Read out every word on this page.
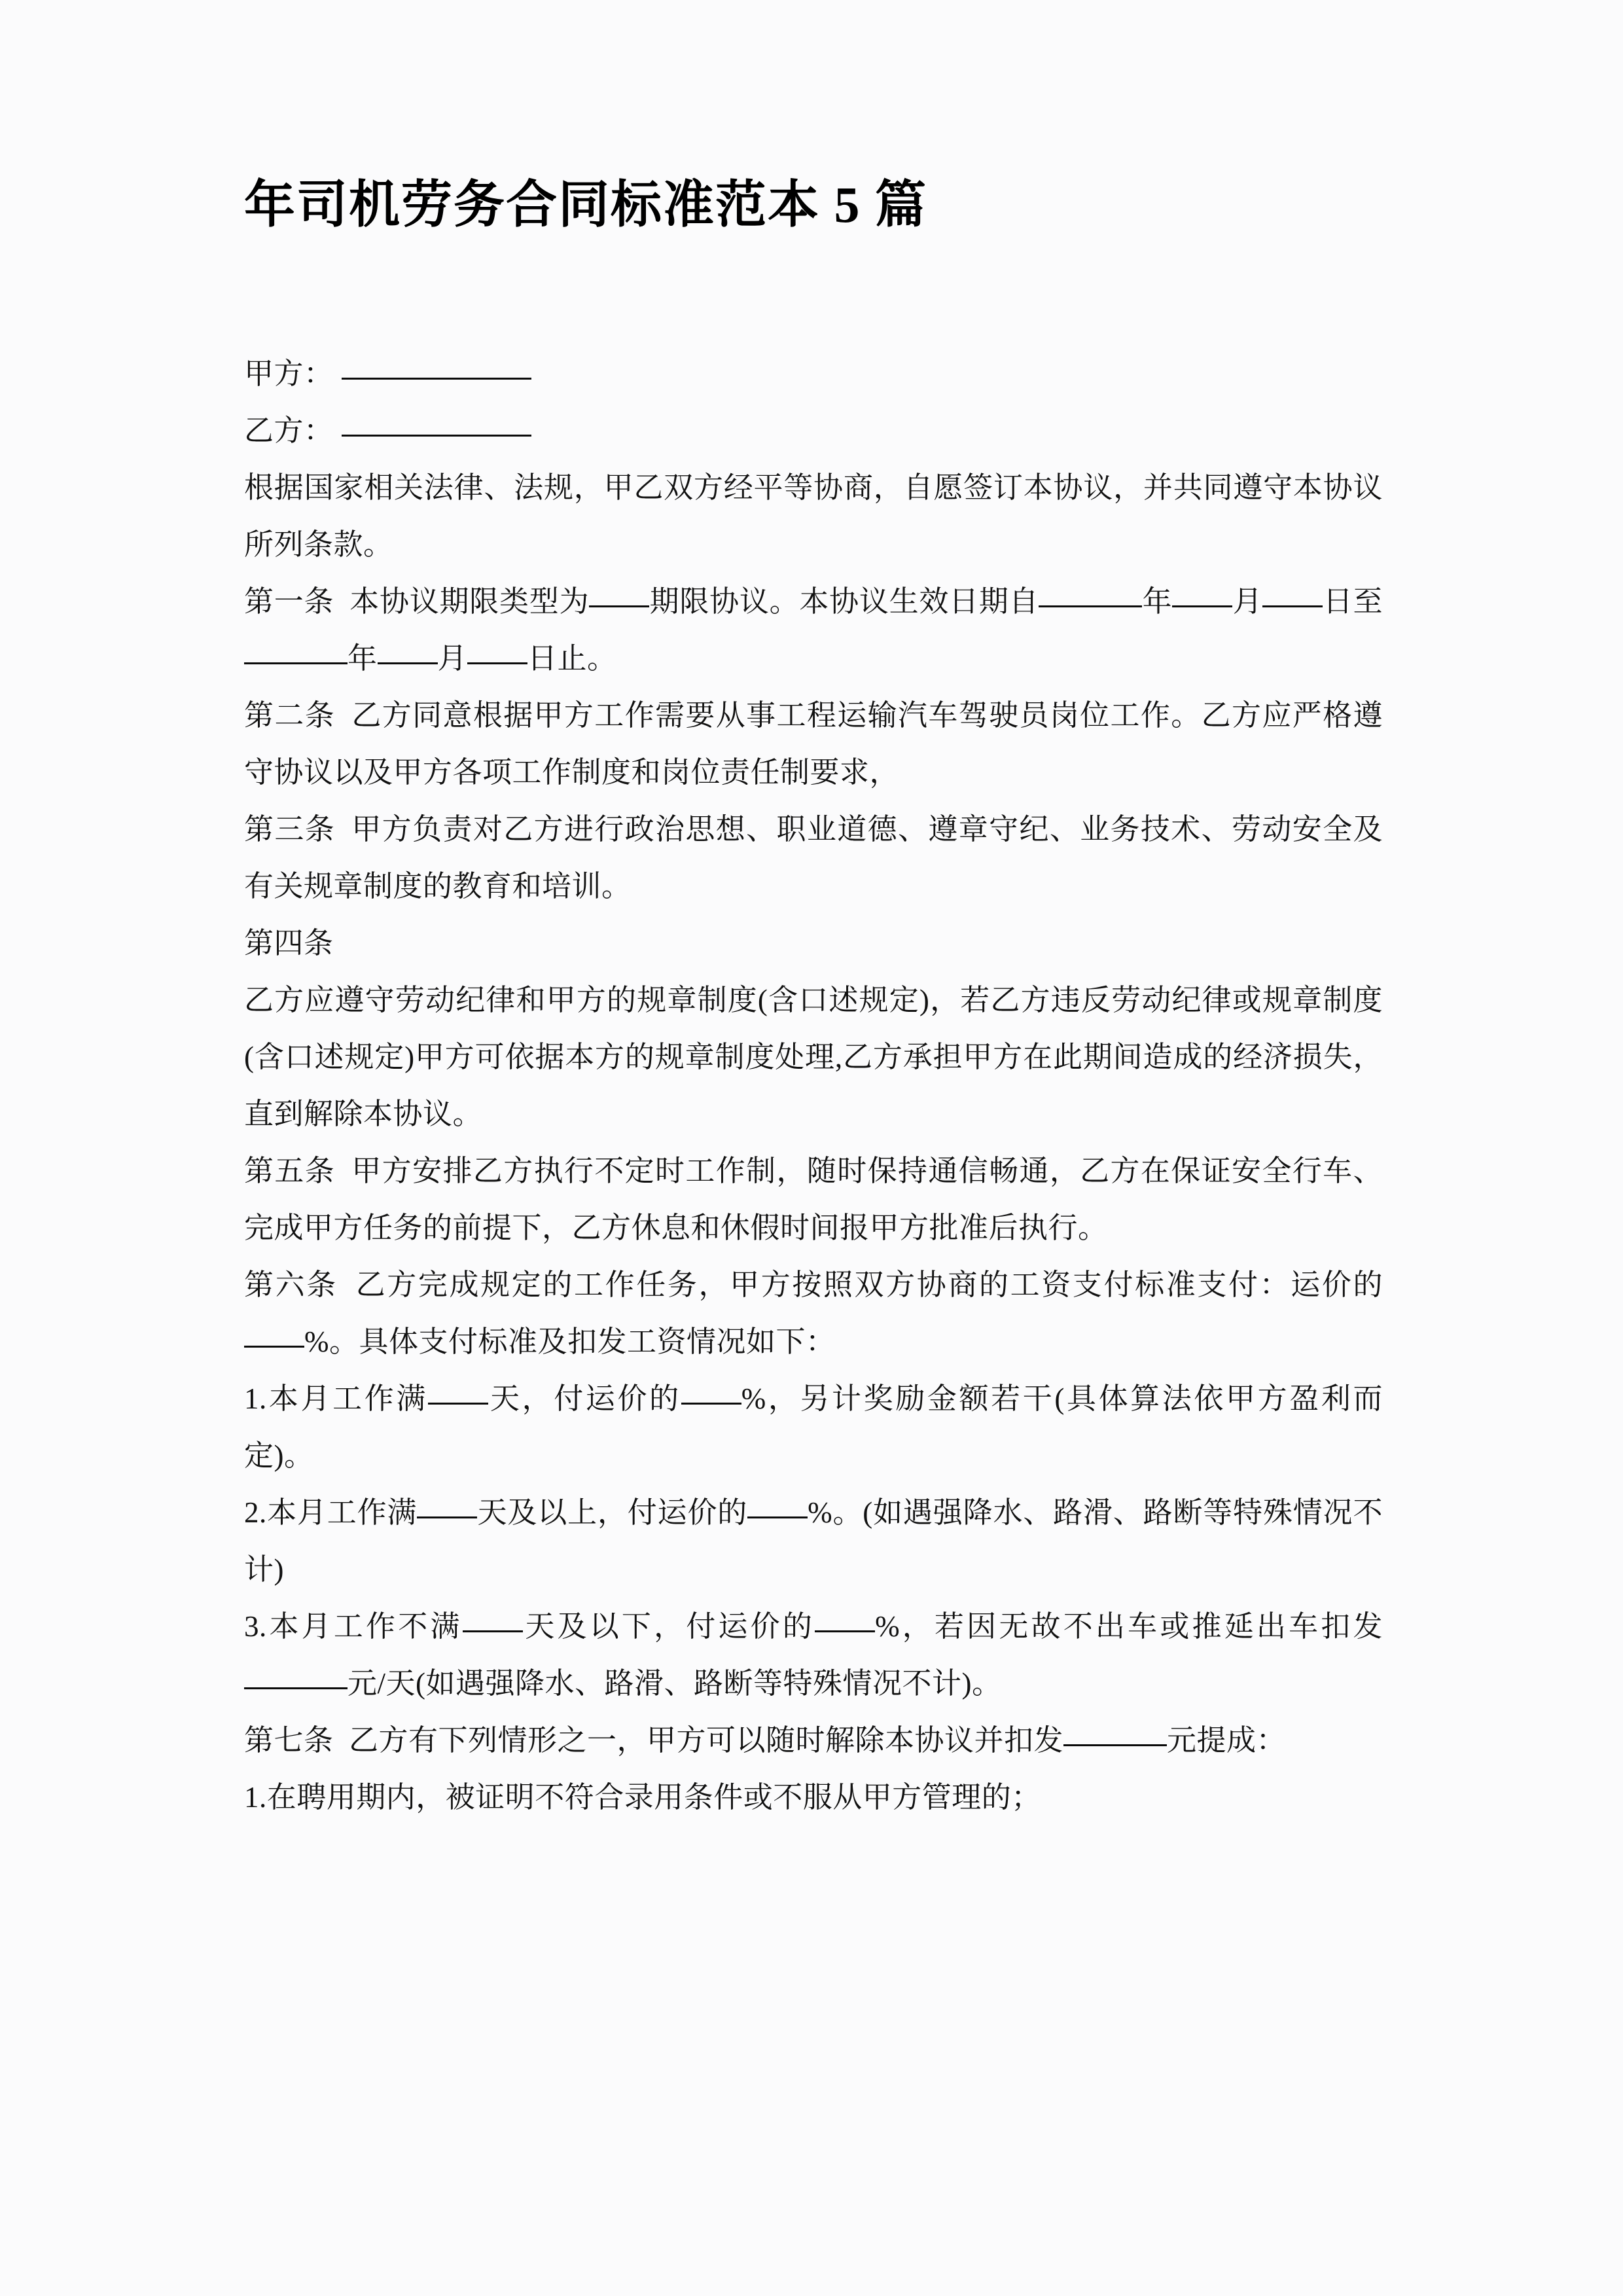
年司机劳务合同标准范本 5 篇

甲方：

乙方：

根据国家相关法律、法规，甲乙双方经平等协商，自愿签订本协议，并共同遵守本协议所列条款。

第一条 本协议期限类型为 期限协议。本协议生效日期自	年 月 日至年 月 日止。

第二条 乙方同意根据甲方工作需要从事工程运输汽车驾驶员岗位工作。乙方应严格遵守协议以及甲方各项工作制度和岗位责任制要求，

第三条 甲方负责对乙方进行政治思想、职业道德、遵章守纪、业务技术、劳动安全及有关规章制度的教育和培训。

第四条

乙方应遵守劳动纪律和甲方的规章制度(含口述规定)，若乙方违反劳动纪律或规章制度(含口述规定)甲方可依据本方的规章制度处理,乙方承担甲方在此期间造成的经济损失，直到解除本协议。

第五条 甲方安排乙方执行不定时工作制，随时保持通信畅通，乙方在保证安全行车、完成甲方任务的前提下，乙方休息和休假时间报甲方批准后执行。

第六条 乙方完成规定的工作任务，甲方按照双方协商的工资支付标准支付：运价的%。具体支付标准及扣发工资情况如下：

1.本月工作满 天，付运价的 %，另计奖励金额若干(具体算法依甲方盈利而定)。

2.本月工作满 天及以上，付运价的 %。(如遇强降水、路滑、路断等特殊情况不计)

3.本月工作不满 天及以下，付运价的 %，若因无故不出车或推延出车扣发元/天(如遇强降水、路滑、路断等特殊情况不计)。

第七条 乙方有下列情形之一，甲方可以随时解除本协议并扣发	元提成：

1.在聘用期内，被证明不符合录用条件或不服从甲方管理的；
